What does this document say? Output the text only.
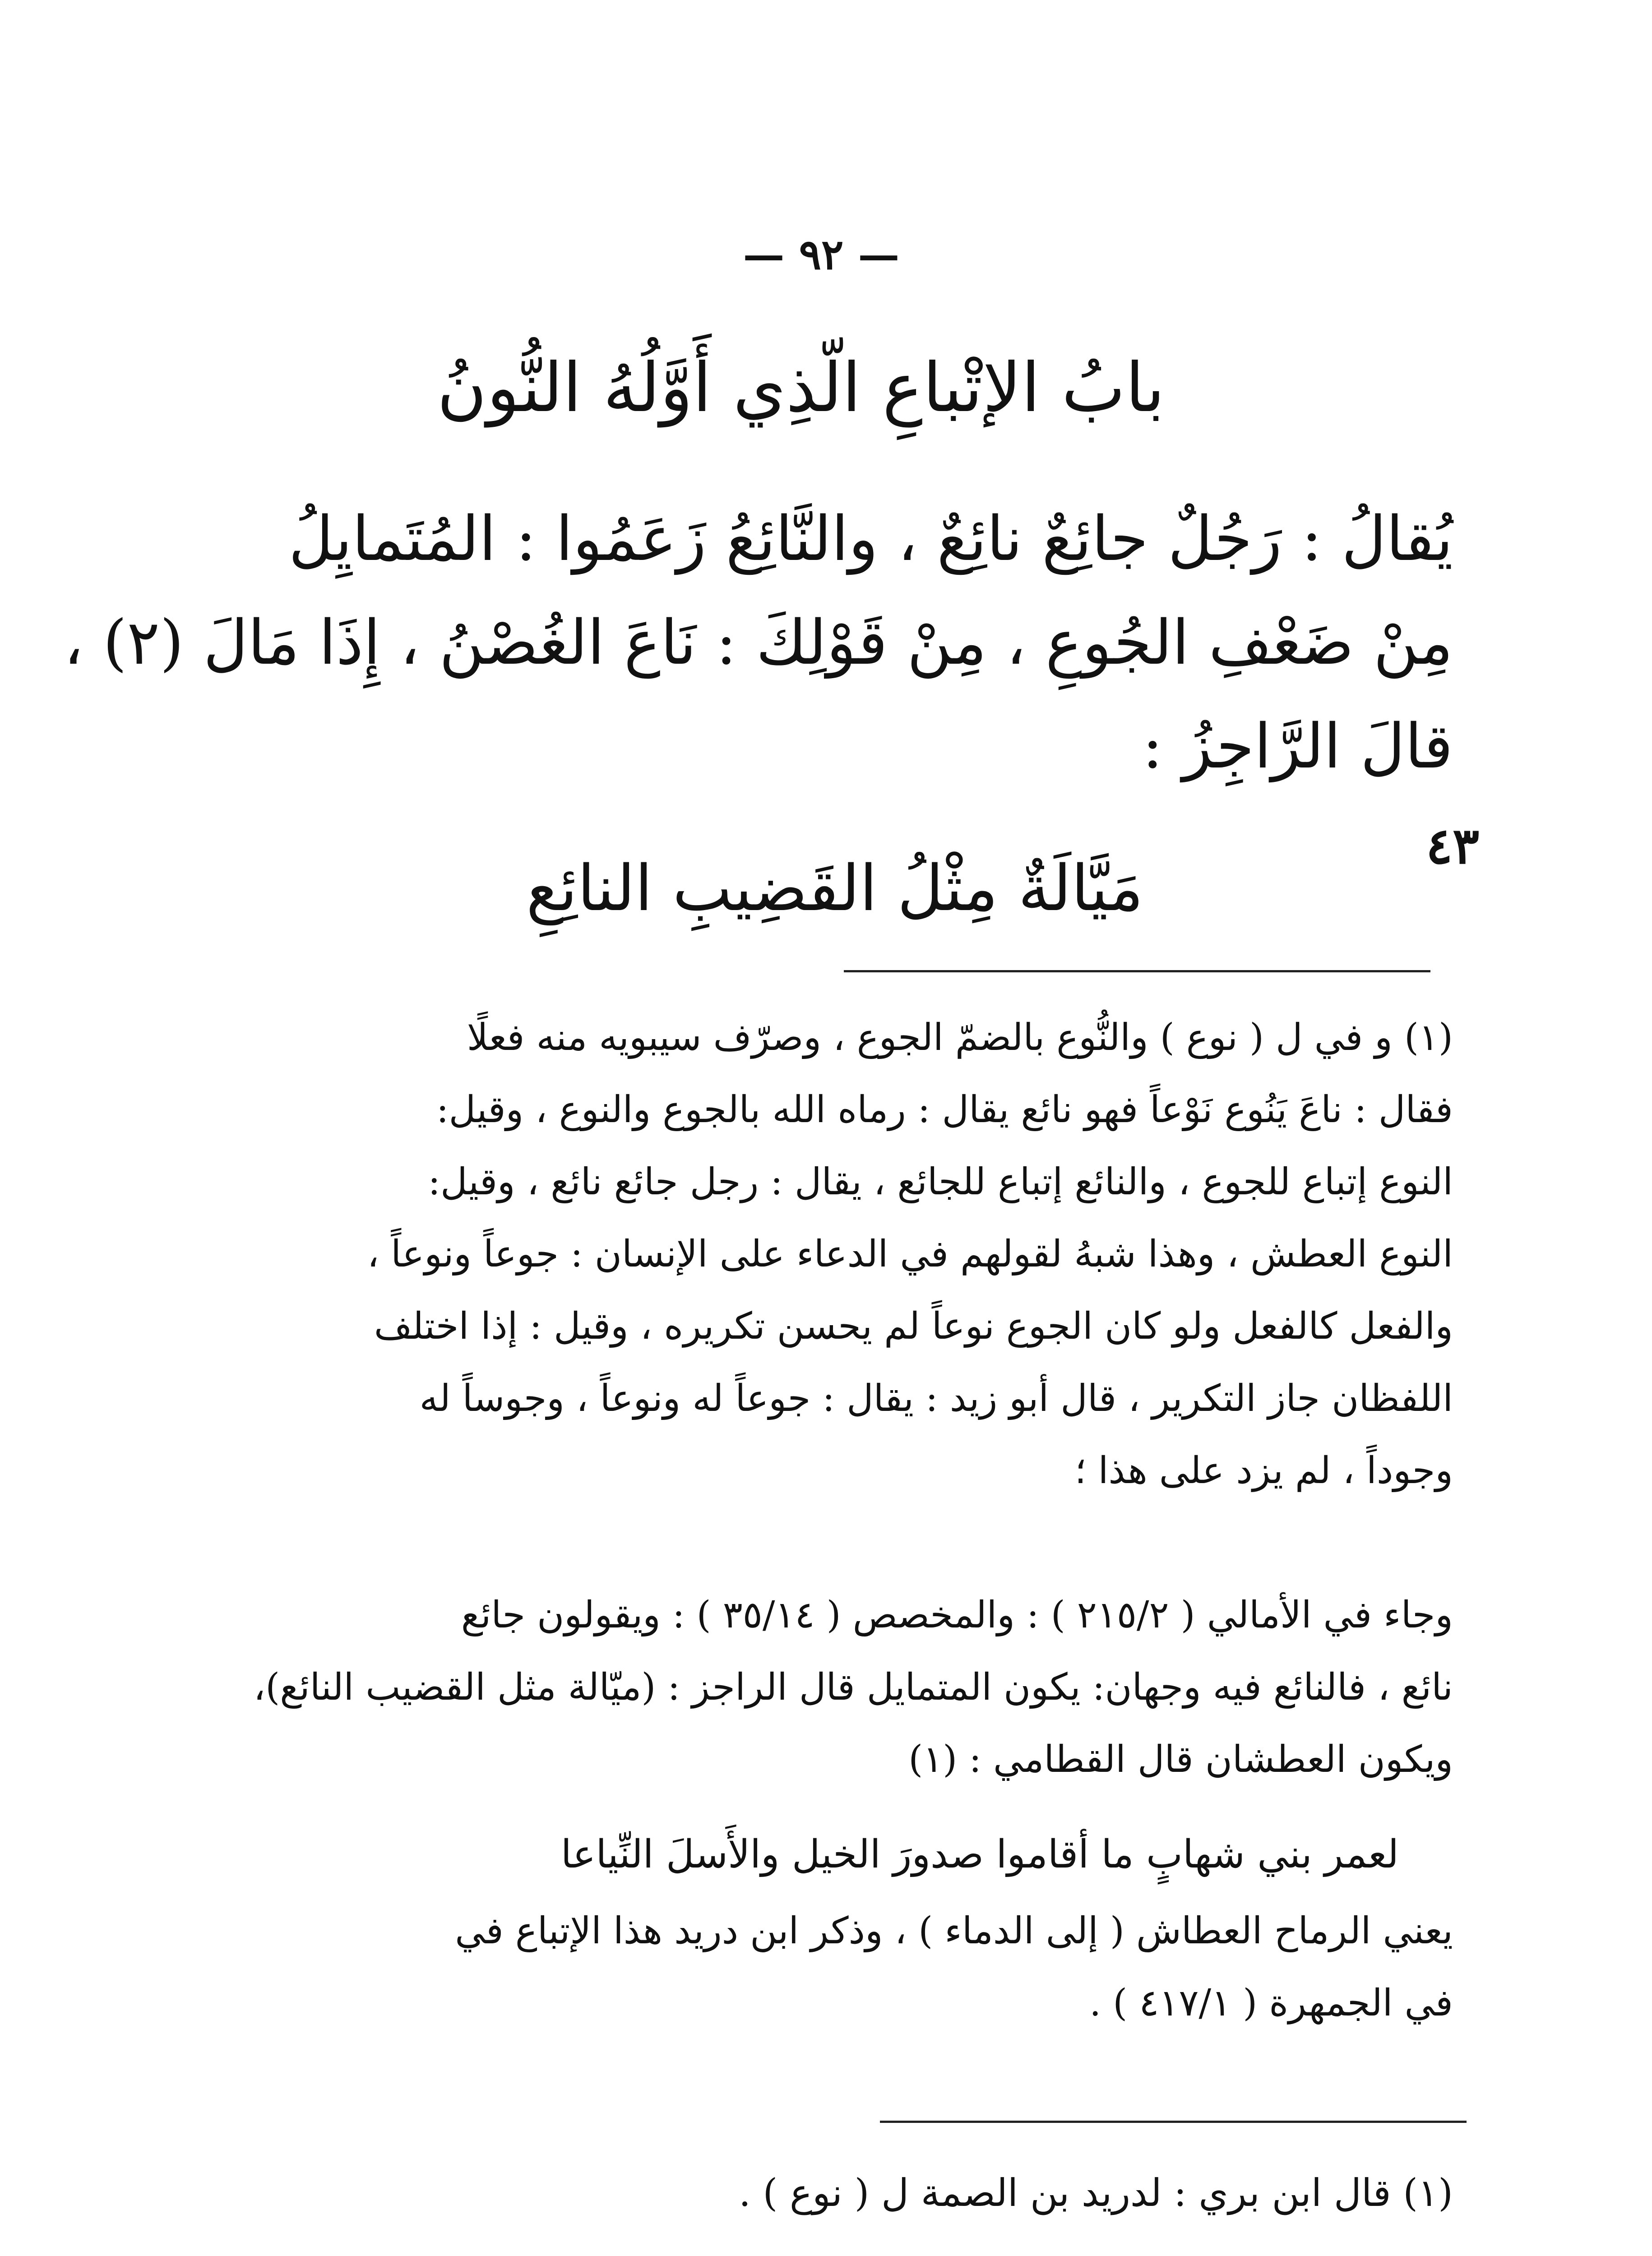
— ٩٢ —
بابُ الإتْباعِ الّذِي أَوَّلُهُ النُّونُ
يُقالُ : رَجُلٌ جائِعٌ نائِعٌ ، والنَّائِعُ زَعَمُوا : المُتَمايِلُ
مِنْ ضَعْفِ الجُوعِ ، مِنْ قَوْلِكَ : نَاعَ الغُصْنُ ، إِذَا مَالَ (٢) ،
قالَ الرَّاجِزُ :
٤٣
مَيَّالَةٌ مِثْلُ القَضِيبِ النائِعِ
(١) و في ل ( نوع ) والنُّوع بالضمّ الجوع ، وصرّف سيبويه منه فعلًا
فقال : ناعَ يَنُوع نَوْعاً فهو نائع يقال : رماه الله بالجوع والنوع ، وقيل:
النوع إتباع للجوع ، والنائع إتباع للجائع ، يقال : رجل جائع نائع ، وقيل:
النوع العطش ، وهذا شبهُ لقولهم في الدعاء على الإنسان : جوعاً ونوعاً ،
والفعل كالفعل ولو كان الجوع نوعاً لم يحسن تكريره ، وقيل : إذا اختلف
اللفظان جاز التكرير ، قال أبو زيد : يقال : جوعاً له ونوعاً ، وجوساً له
وجوداً ، لم يزد على هذا ؛
وجاء في الأمالي ( ٢١٥/٢ ) : والمخصص ( ٣٥/١٤ ) : ويقولون جائع
نائع ، فالنائع فيه وجهان: يكون المتمايل قال الراجز : (ميّالة مثل القضيب النائع)،
ويكون العطشان قال القطامي : (١)
لعمر بني شهابٍ ما أقاموا صدورَ الخيل والأَسلَ النِّياعا
يعني الرماح العطاش ( إلى الدماء ) ، وذكر ابن دريد هذا الإتباع في
في الجمهرة ( ٤١٧/١ ) .
(١) قال ابن بري : لدريد بن الصمة ل ( نوع ) .
